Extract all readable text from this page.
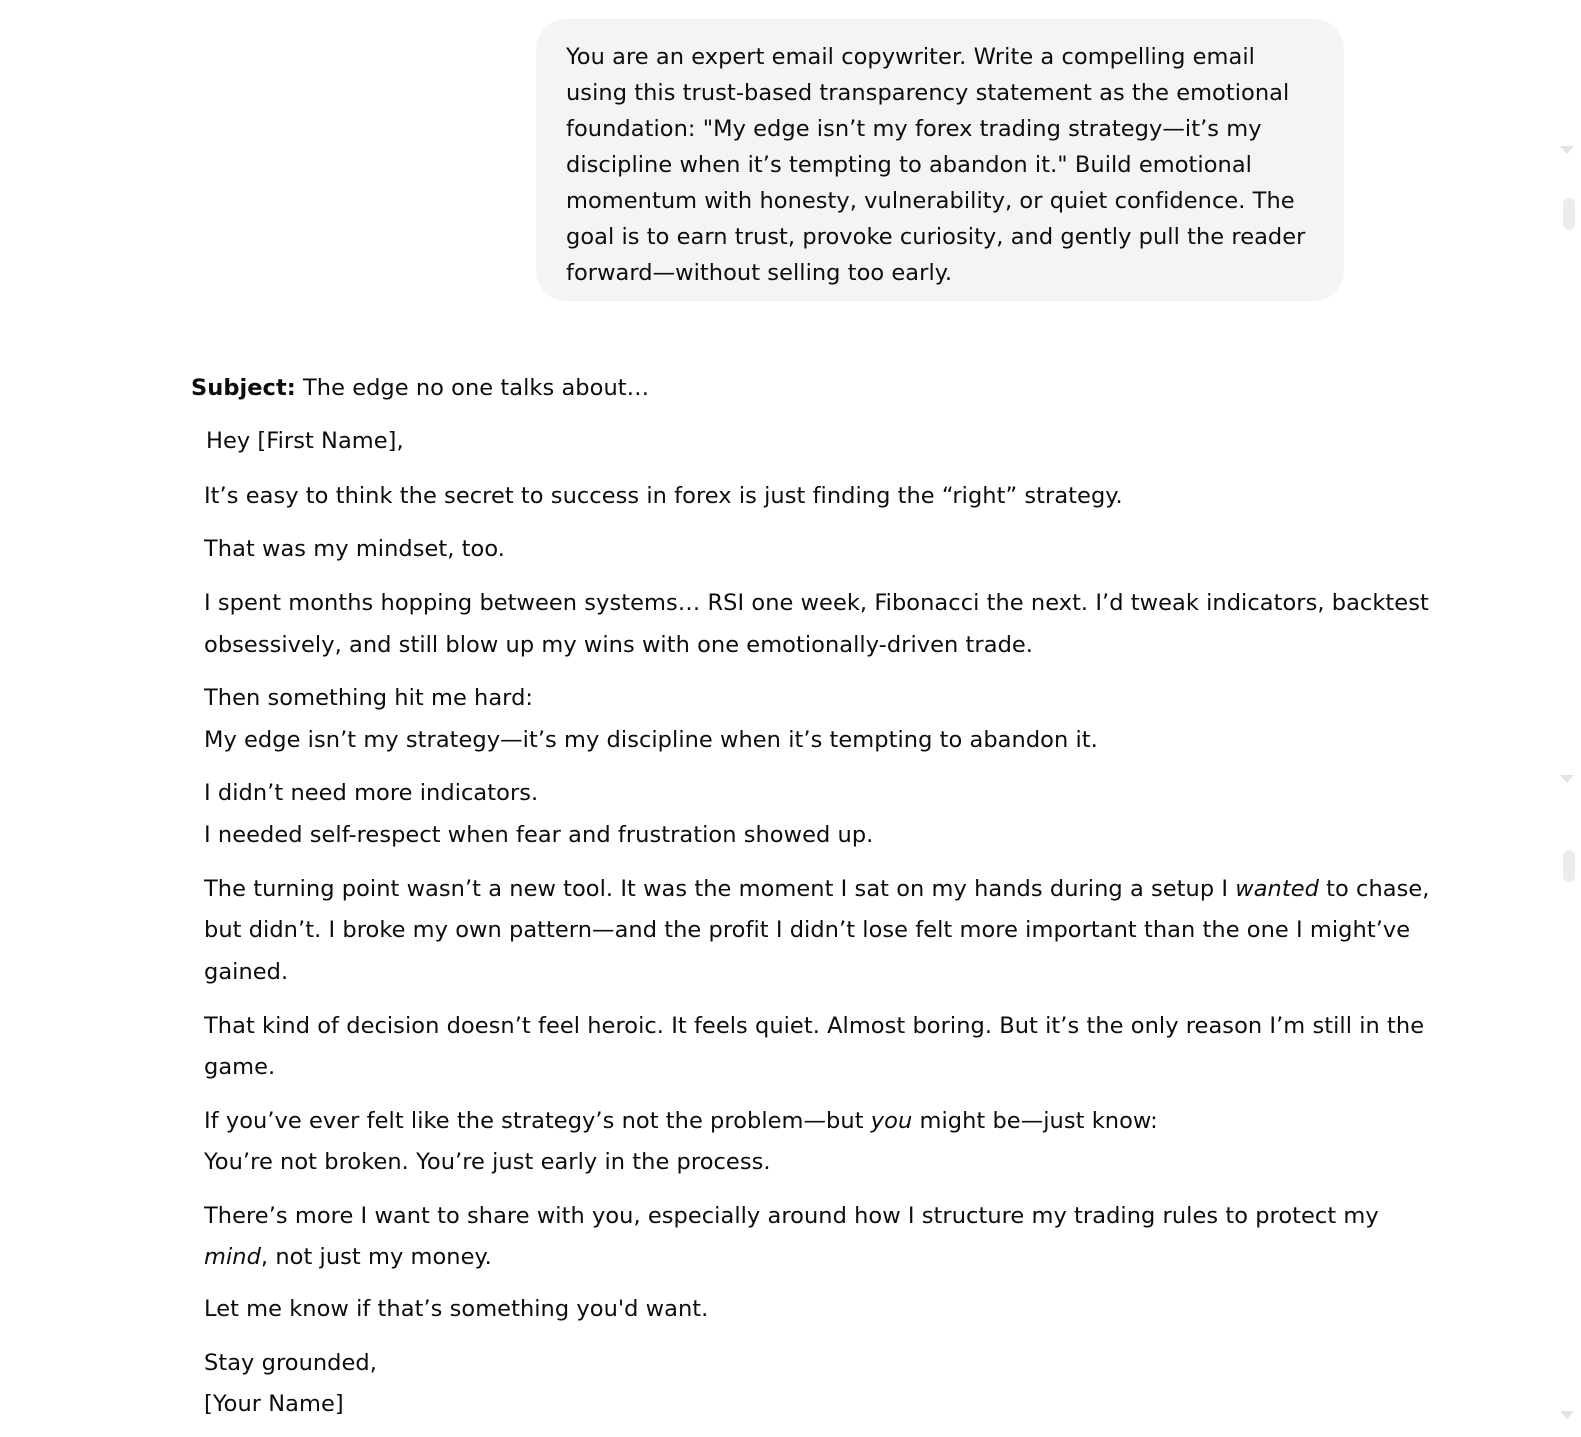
You are an expert email copywriter. Write a compelling email using this trust-based transparency statement as the emotional foundation: "My edge isn’t my forex trading strategy—it’s my discipline when it’s tempting to abandon it." Build emotional momentum with honesty, vulnerability, or quiet confidence. The goal is to earn trust, provoke curiosity, and gently pull the reader forward—without selling too early.
Subject: The edge no one talks about…
Hey [First Name],
It’s easy to think the secret to success in forex is just finding the “right” strategy.
That was my mindset, too.
I spent months hopping between systems… RSI one week, Fibonacci the next. I’d tweak indicators, backtest
obsessively, and still blow up my wins with one emotionally-driven trade.
Then something hit me hard:
My edge isn’t my strategy—it’s my discipline when it’s tempting to abandon it.
I didn’t need more indicators.
I needed self-respect when fear and frustration showed up.
The turning point wasn’t a new tool. It was the moment I sat on my hands during a setup I wanted to chase,
but didn’t. I broke my own pattern—and the profit I didn’t lose felt more important than the one I might’ve
gained.
That kind of decision doesn’t feel heroic. It feels quiet. Almost boring. But it’s the only reason I’m still in the
game.
If you’ve ever felt like the strategy’s not the problem—but you might be—just know:
You’re not broken. You’re just early in the process.
There’s more I want to share with you, especially around how I structure my trading rules to protect my
mind, not just my money.
Let me know if that’s something you'd want.
Stay grounded,
[Your Name]
